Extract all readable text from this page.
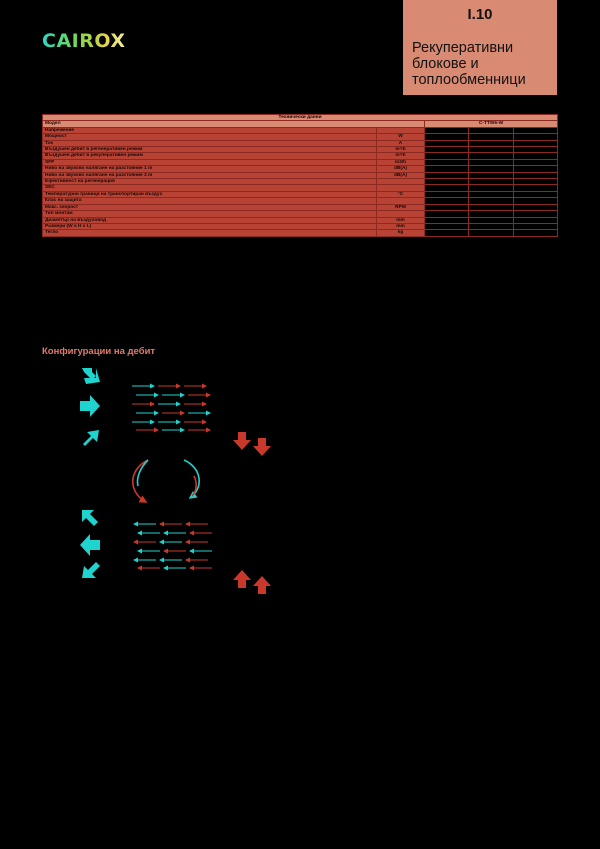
CAIROX
I.10
Рекуперативни блокове и топлообменници
Технически данни				
Модел		C-TTW6-W		
Напрежение				
Мощност	W			
Ток	A			
Въздушен дебит в регенеративен режим	m³/h			
Въздушен дебит в рекуперативен режим	m³/h			
SFP	m3/h			
Ниво на звуково налягане на разстояние 1 m	dB(A)			
Ниво на звуково налягане на разстояние 3 m	dB(A)			
Ефективност на регенерация				
SEC				
Температурни граници на транспортиран въздух	°C			
Клас на защита				
Макс. скорост	RPM			
Тип монтаж				
Диаметър на въздуховод	mm			
Размери (W x H x L)	mm			
Тегло	kg			
Конфигурации на дебит
